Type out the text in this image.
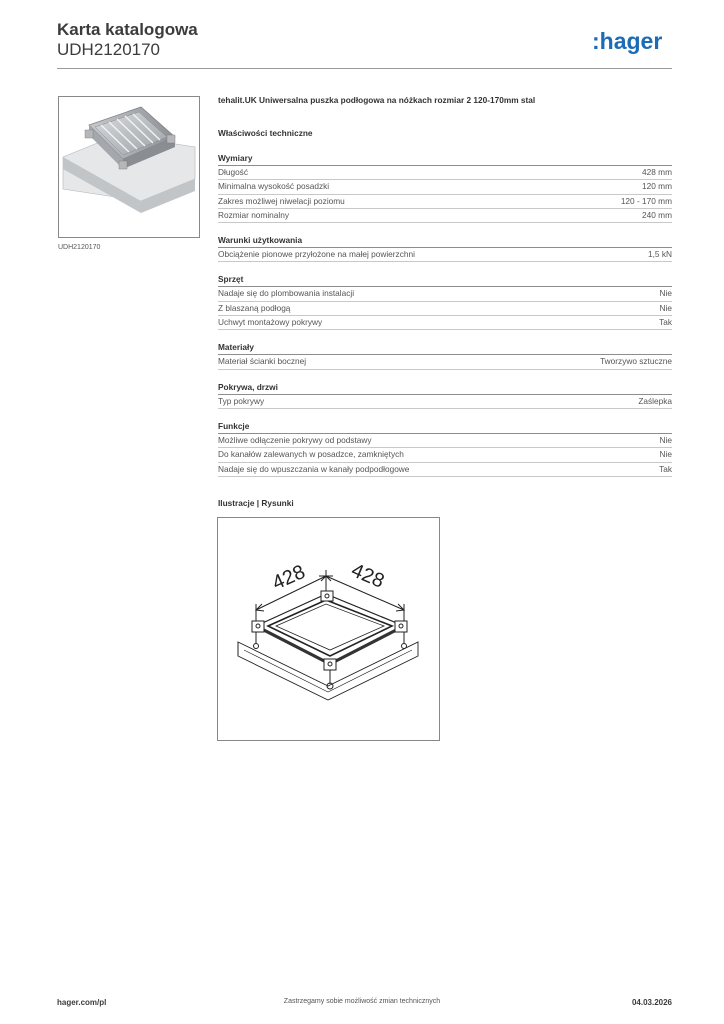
Karta katalogowa
UDH2120170	:hager
UDH2120170
tehalit.UK Uniwersalna puszka podłogowa na nóżkach rozmiar 2 120-170mm stal
Właściwości techniczne
Wymiary
Długość	428 mm
Minimalna wysokość posadzki	120 mm
Zakres możliwej niwelacji poziomu	120 - 170 mm
Rozmiar nominalny	240 mm
Warunki użytkowania
Obciążenie pionowe przyłożone na małej powierzchni	1,5 kN
Sprzęt
Nadaje się do plombowania instalacji	Nie
Z blaszaną podłogą	Nie
Uchwyt montażowy pokrywy	Tak
Materiały
Materiał ścianki bocznej	Tworzywo sztuczne
Pokrywa, drzwi
Typ pokrywy	Zaślepka
Funkcje
Możliwe odłączenie pokrywy od podstawy	Nie
Do kanałów zalewanych w posadzce, zamkniętych	Nie
Nadaje się do wpuszczania w kanały podpodłogowe	Tak
Ilustracje | Rysunki
428 428
hager.com/pl	Zastrzegamy sobie możliwość zmian technicznych	04.03.2026
